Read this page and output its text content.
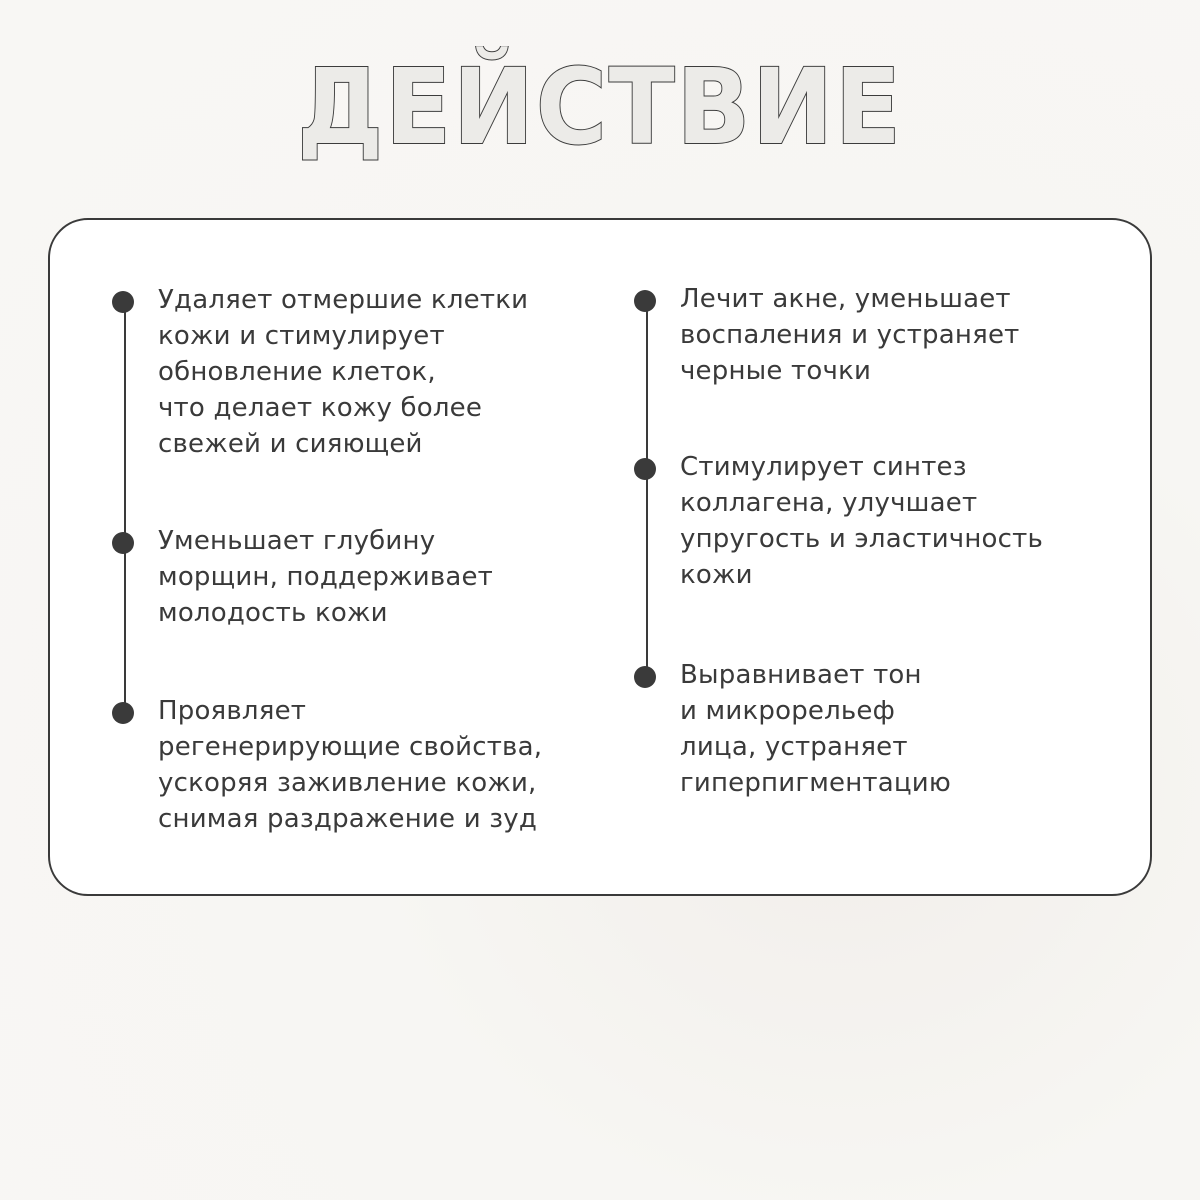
ДЕЙСТВИЕ
Удаляет отмершие клетки
кожи и стимулирует
обновление клеток,
что делает кожу более
свежей и сияющей
Уменьшает глубину
морщин, поддерживает
молодость кожи
Проявляет
регенерирующие свойства,
ускоряя заживление кожи,
снимая раздражение и зуд
Лечит акне, уменьшает
воспаления и устраняет
черные точки
Стимулирует синтез
коллагена, улучшает
упругость и эластичность
кожи
Выравнивает тон
и микрорельеф
лица, устраняет
гиперпигментацию
